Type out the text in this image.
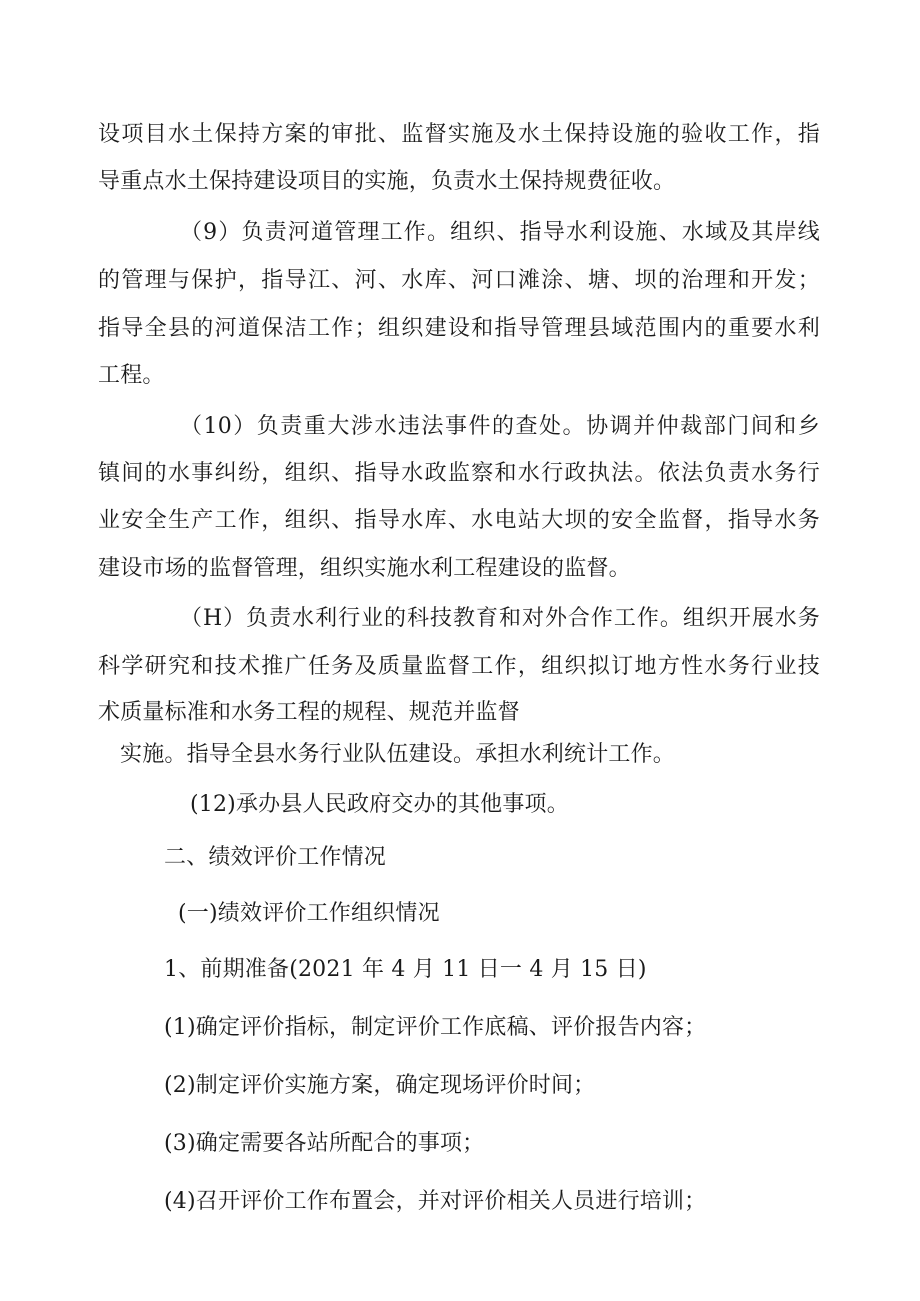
设项目水土保持方案的审批、监督实施及水土保持设施的验收工作，指
导重点水土保持建设项目的实施，负责水土保持规费征收。
（9）负责河道管理工作。组织、指导水利设施、水域及其岸线
的管理与保护，指导江、河、水库、河口滩涂、塘、坝的治理和开发；
指导全县的河道保洁工作；组织建设和指导管理县域范围内的重要水利
工程。
（10）负责重大涉水违法事件的查处。协调并仲裁部门间和乡
镇间的水事纠纷，组织、指导水政监察和水行政执法。依法负责水务行
业安全生产工作，组织、指导水库、水电站大坝的安全监督，指导水务
建设市场的监督管理，组织实施水利工程建设的监督。
（H）负责水利行业的科技教育和对外合作工作。组织开展水务
科学研究和技术推广任务及质量监督工作，组织拟订地方性水务行业技
术质量标准和水务工程的规程、规范并监督
实施。指导全县水务行业队伍建设。承担水利统计工作。
(12)承办县人民政府交办的其他事项。
二、绩效评价工作情况
(一)绩效评价工作组织情况
1、前期准备(2021 年 4 月 11 日一 4 月 15 日)
(1)确定评价指标，制定评价工作底稿、评价报告内容；
(2)制定评价实施方案，确定现场评价时间；
(3)确定需要各站所配合的事项；
(4)召开评价工作布置会，并对评价相关人员进行培训；
